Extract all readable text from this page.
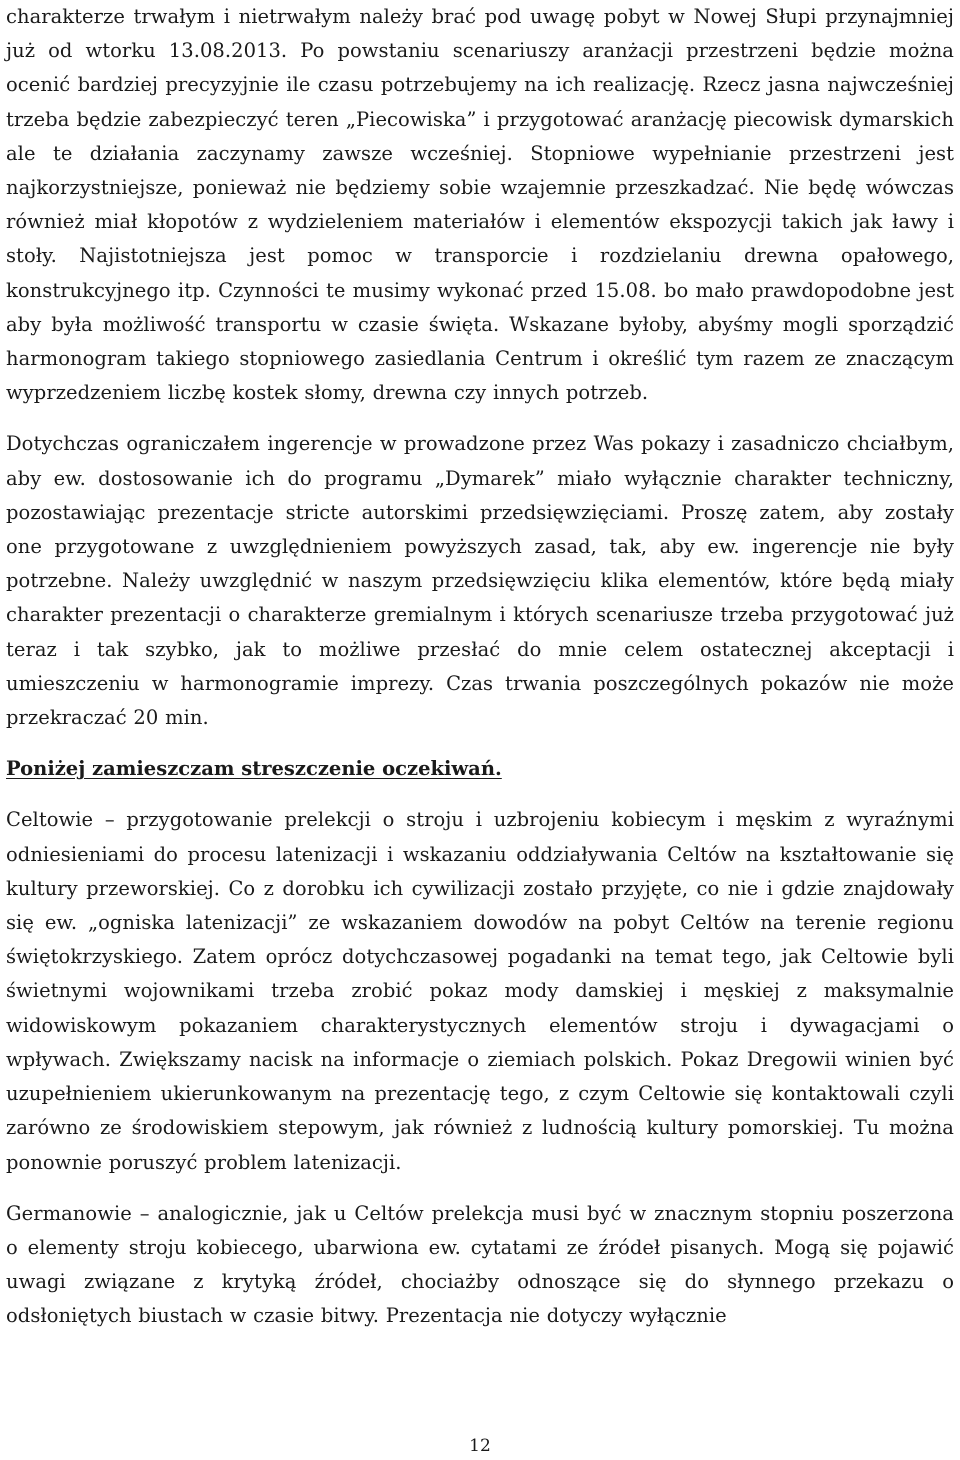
charakterze trwałym i nietrwałym należy brać pod uwagę pobyt w Nowej Słupi przynajmniej już od wtorku 13.08.2013. Po powstaniu scenariuszy aranżacji przestrzeni będzie można ocenić bardziej precyzyjnie ile czasu potrzebujemy na ich realizację. Rzecz jasna najwcześniej trzeba będzie zabezpieczyć teren „Piecowiska” i przygotować aranżację piecowisk dymarskich ale te działania zaczynamy zawsze wcześniej. Stopniowe wypełnianie przestrzeni jest najkorzystniejsze, ponieważ nie będziemy sobie wzajemnie przeszkadzać. Nie będę wówczas również miał kłopotów z wydzieleniem materiałów i elementów ekspozycji takich jak ławy i stoły. Najistotniejsza jest pomoc w transporcie i rozdzielaniu drewna opałowego, konstrukcyjnego itp. Czynności te musimy wykonać przed 15.08. bo mało prawdopodobne jest aby była możliwość transportu w czasie święta. Wskazane byłoby, abyśmy mogli sporządzić harmonogram takiego stopniowego zasiedlania Centrum i określić tym razem ze znaczącym wyprzedzeniem liczbę kostek słomy, drewna czy innych potrzeb.

Dotychczas ograniczałem ingerencje w prowadzone przez Was pokazy i zasadniczo chciałbym, aby ew. dostosowanie ich do programu „Dymarek” miało wyłącznie charakter techniczny, pozostawiając prezentacje stricte autorskimi przedsięwzięciami. Proszę zatem, aby zostały one przygotowane z uwzględnieniem powyższych zasad, tak, aby ew. ingerencje nie były potrzebne. Należy uwzględnić w naszym przedsięwzięciu klika elementów, które będą miały charakter prezentacji o charakterze gremialnym i których scenariusze trzeba przygotować już teraz i tak szybko, jak to możliwe przesłać do mnie celem ostatecznej akceptacji i umieszczeniu w harmonogramie imprezy. Czas trwania poszczególnych pokazów nie może przekraczać 20 min.

Poniżej zamieszczam streszczenie oczekiwań.

Celtowie – przygotowanie prelekcji o stroju i uzbrojeniu kobiecym i męskim z wyraźnymi odniesieniami do procesu latenizacji i wskazaniu oddziaływania Celtów na kształtowanie się kultury przeworskiej. Co z dorobku ich cywilizacji zostało przyjęte, co nie i gdzie znajdowały się ew. „ogniska latenizacji” ze wskazaniem dowodów na pobyt Celtów na terenie regionu świętokrzyskiego. Zatem oprócz dotychczasowej pogadanki na temat tego, jak Celtowie byli świetnymi wojownikami trzeba zrobić pokaz mody damskiej i męskiej z maksymalnie widowiskowym pokazaniem charakterystycznych elementów stroju i dywagacjami o wpływach. Zwiększamy nacisk na informacje o ziemiach polskich. Pokaz Dregowii winien być uzupełnieniem ukierunkowanym na prezentację tego, z czym Celtowie się kontaktowali czyli zarówno ze środowiskiem stepowym, jak również z ludnością kultury pomorskiej. Tu można ponownie poruszyć problem latenizacji.

Germanowie – analogicznie, jak u Celtów prelekcja musi być w znacznym stopniu poszerzona o elementy stroju kobiecego, ubarwiona ew. cytatami ze źródeł pisanych. Mogą się pojawić uwagi związane z krytyką źródeł, chociażby odnoszące się do słynnego przekazu o odsłoniętych biustach w czasie bitwy. Prezentacja nie dotyczy wyłącznie

12
